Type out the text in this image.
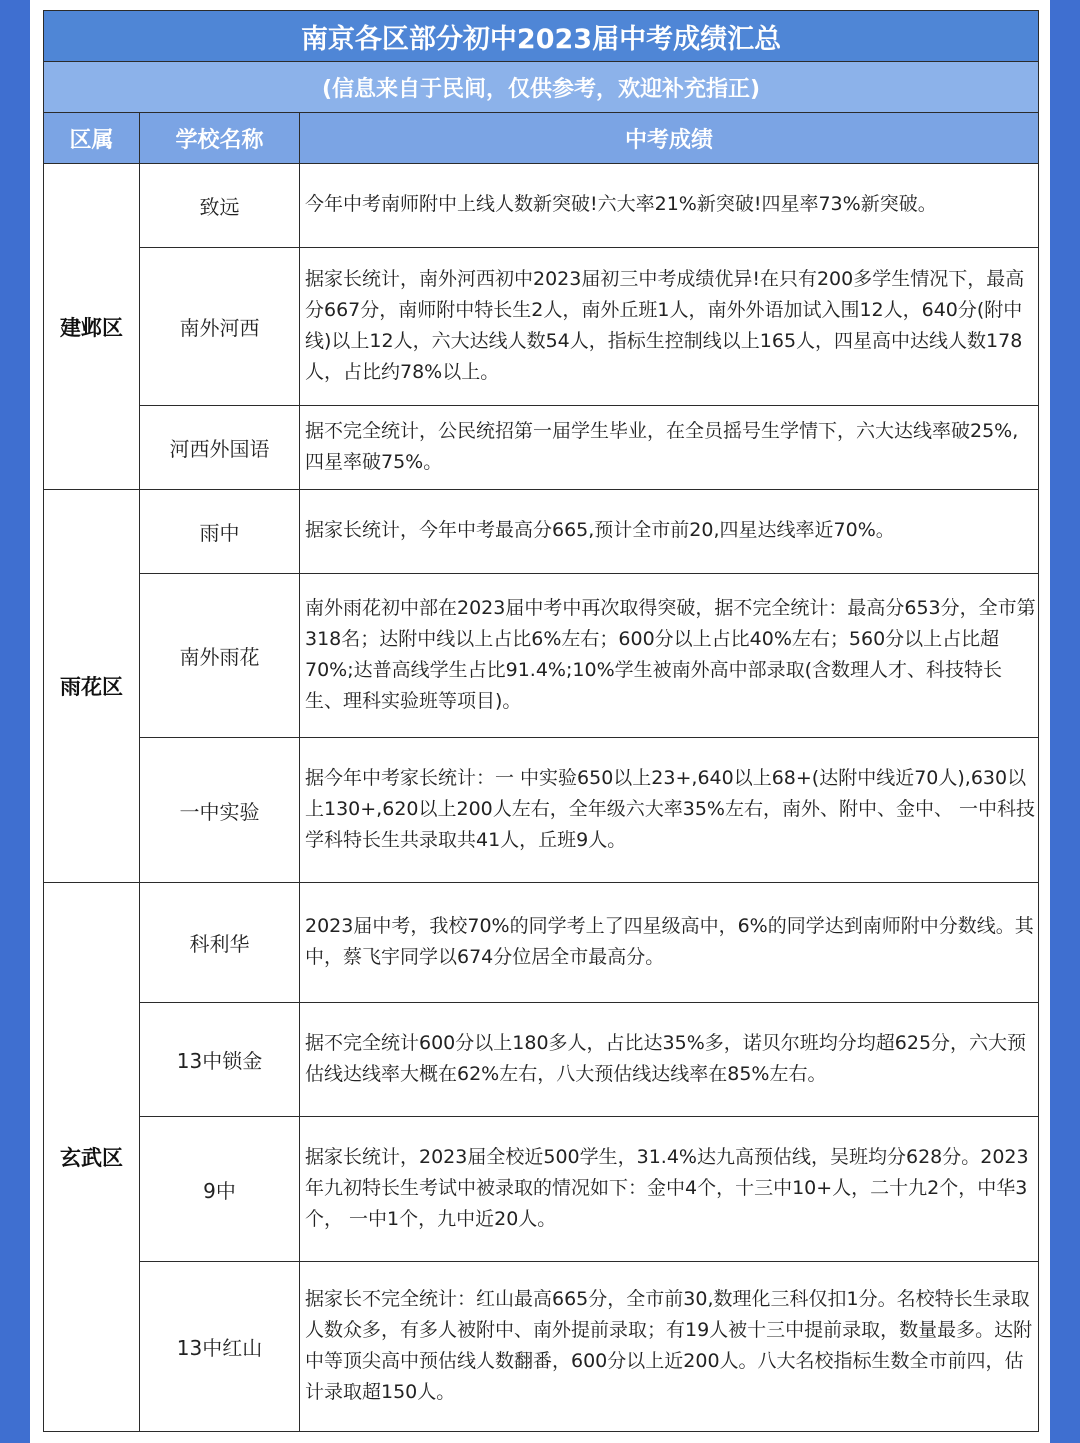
南京各区部分初中2023届中考成绩汇总		
(信息来自于民间，仅供参考，欢迎补充指正)		
区属	学校名称	中考成绩
建邺区	致远	今年中考南师附中上线人数新突破!六大率21%新突破!四星率73%新突破。
	南外河西	据家长统计，南外河西初中2023届初三中考成绩优异!在只有200多学生情况下，最高分667分，南师附中特长生2人，南外丘班1人，南外外语加试入围12人，640分(附中线)以上12人，六大达线人数54人，指标生控制线以上165人，四星高中达线人数178人，占比约78%以上。
	河西外国语	据不完全统计，公民统招第一届学生毕业，在全员摇号生学情下，六大达线率破25%,四星率破75%。
雨花区	雨中	据家长统计，今年中考最高分665,预计全市前20,四星达线率近70%。
	南外雨花	南外雨花初中部在2023届中考中再次取得突破，据不完全统计：最高分653分，全市第318名；达附中线以上占比6%左右；600分以上占比40%左右；560分以上占比超70%;达普高线学生占比91.4%;10%学生被南外高中部录取(含数理人才、科技特长生、理科实验班等项目)。
	一中实验	据今年中考家长统计：一 中实验650以上23+,640以上68+(达附中线近70人),630以上130+,620以上200人左右，全年级六大率35%左右，南外、附中、金中、 一中科技学科特长生共录取共41人，丘班9人。
玄武区	科利华	2023届中考，我校70%的同学考上了四星级高中，6%的同学达到南师附中分数线。其中，蔡飞宇同学以674分位居全市最高分。
	13中锁金	据不完全统计600分以上180多人，占比达35%多，诺贝尔班均分均超625分，六大预估线达线率大概在62%左右，八大预估线达线率在85%左右。
	9中	据家长统计，2023届全校近500学生，31.4%达九高预估线，吴班均分628分。2023年九初特长生考试中被录取的情况如下：金中4个，十三中10+人，二十九2个，中华3个， 一中1个，九中近20人。
	13中红山	据家长不完全统计：红山最高665分，全市前30,数理化三科仅扣1分。名校特长生录取人数众多，有多人被附中、南外提前录取；有19人被十三中提前录取，数量最多。达附中等顶尖高中预估线人数翻番，600分以上近200人。八大名校指标生数全市前四，估计录取超150人。
